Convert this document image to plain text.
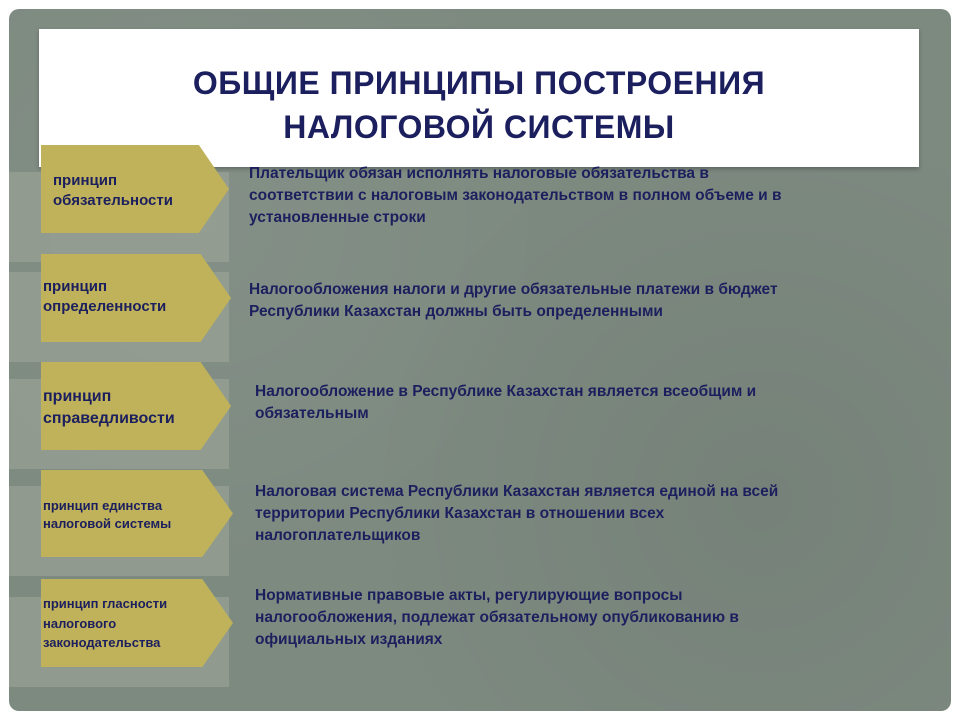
ОБЩИЕ ПРИНЦИПЫ ПОСТРОЕНИЯ
НАЛОГОВОЙ СИСТЕМЫ
принцип
обязательности
Плательщик обязан исполнять налоговые обязательства в
соответствии с налоговым законодательством в полном объеме и в
установленные строки
принцип
определенности
Налогообложения налоги и другие обязательные платежи в бюджет
Республики Казахстан должны быть определенными
принцип
справедливости
Налогообложение в Республике Казахстан является всеобщим и
обязательным
принцип единства
налоговой системы
Налоговая система Республики Казахстан является единой на всей
территории Республики Казахстан в отношении всех
налогоплательщиков
принцип гласности
налогового
законодательства
Нормативные правовые акты, регулирующие вопросы
налогообложения, подлежат обязательному опубликованию в
официальных изданиях
